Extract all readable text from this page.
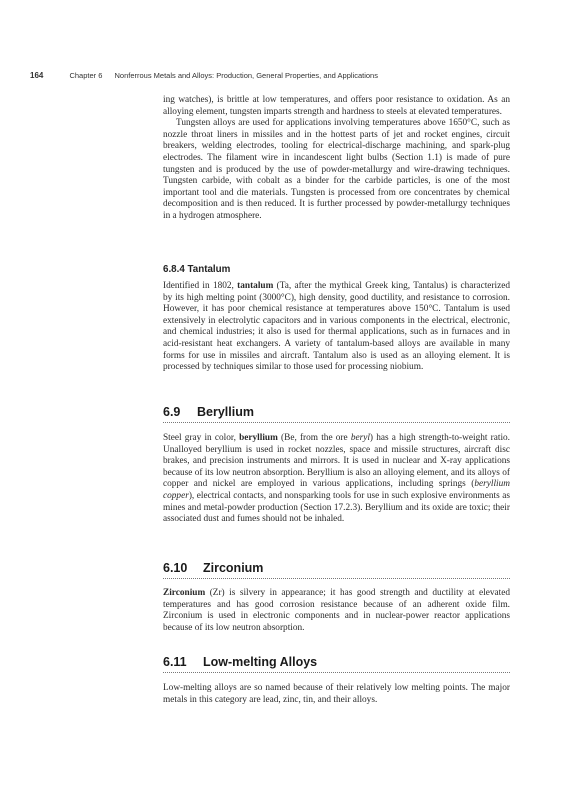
164	Chapter 6 Nonferrous Metals and Alloys: Production, General Properties, and Applications

ing watches), is brittle at low temperatures, and offers poor resistance to oxidation. As an alloying element, tungsten imparts strength and hardness to steels at elevated temperatures.

Tungsten alloys are used for applications involving temperatures above 1650°C, such as nozzle throat liners in missiles and in the hottest parts of jet and rocket engines, circuit breakers, welding electrodes, tooling for electrical-discharge machining, and spark-plug electrodes. The filament wire in incandescent light bulbs (Section 1.1) is made of pure tungsten and is produced by the use of powder-metallurgy and wire-drawing techniques. Tungsten carbide, with cobalt as a binder for the carbide particles, is one of the most important tool and die materials. Tungsten is processed from ore concentrates by chemical decomposition and is then reduced. It is further processed by powder-metallurgy techniques in a hydrogen atmosphere.

6.8.4 Tantalum

Identified in 1802, tantalum (Ta, after the mythical Greek king, Tantalus) is characterized by its high melting point (3000°C), high density, good ductility, and resistance to corrosion. However, it has poor chemical resistance at temperatures above 150°C. Tantalum is used extensively in electrolytic capacitors and in various components in the electrical, electronic, and chemical industries; it also is used for thermal applications, such as in furnaces and in acid-resistant heat exchangers. A variety of tantalum-based alloys are available in many forms for use in missiles and aircraft. Tantalum also is used as an alloying element. It is processed by techniques similar to those used for processing niobium.

6.9 Beryllium

Steel gray in color, beryllium (Be, from the ore beryl) has a high strength-to-weight ratio. Unalloyed beryllium is used in rocket nozzles, space and missile structures, aircraft disc brakes, and precision instruments and mirrors. It is used in nuclear and X-ray applications because of its low neutron absorption. Beryllium is also an alloying element, and its alloys of copper and nickel are employed in various applications, including springs (beryllium copper), electrical contacts, and nonsparking tools for use in such explosive environments as mines and metal-powder production (Section 17.2.3). Beryllium and its oxide are toxic; their associated dust and fumes should not be inhaled.

6.10 Zirconium

Zirconium (Zr) is silvery in appearance; it has good strength and ductility at elevated temperatures and has good corrosion resistance because of an adherent oxide film. Zirconium is used in electronic components and in nuclear-power reactor applications because of its low neutron absorption.

6.11 Low-melting Alloys

Low-melting alloys are so named because of their relatively low melting points. The major metals in this category are lead, zinc, tin, and their alloys.
